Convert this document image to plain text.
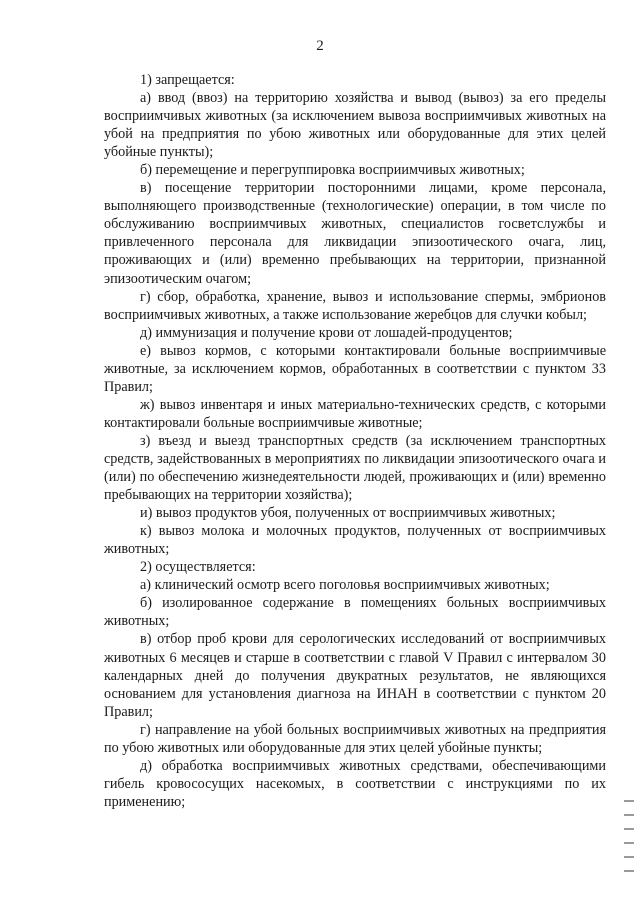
2

1) запрещается:

а) ввод (ввоз) на территорию хозяйства и вывод (вывоз) за его пределы восприимчивых животных (за исключением вывоза восприимчивых животных на убой на предприятия по убою животных или оборудованные для этих целей убойные пункты);

б) перемещение и перегруппировка восприимчивых животных;

в) посещение территории посторонними лицами, кроме персонала, выполняющего производственные (технологические) операции, в том числе по обслуживанию восприимчивых животных, специалистов госветслужбы и привлеченного персонала для ликвидации эпизоотического очага, лиц, проживающих и (или) временно пребывающих на территории, признанной эпизоотическим очагом;

г) сбор, обработка, хранение, вывоз и использование спермы, эмбрионов восприимчивых животных, а также использование жеребцов для случки кобыл;

д) иммунизация и получение крови от лошадей-продуцентов;

е) вывоз кормов, с которыми контактировали больные восприимчивые животные, за исключением кормов, обработанных в соответствии с пунктом 33 Правил;

ж) вывоз инвентаря и иных материально-технических средств, с которыми контактировали больные восприимчивые животные;

з) въезд и выезд транспортных средств (за исключением транспортных средств, задействованных в мероприятиях по ликвидации эпизоотического очага и (или) по обеспечению жизнедеятельности людей, проживающих и (или) временно пребывающих на территории хозяйства);

и) вывоз продуктов убоя, полученных от восприимчивых животных;

к) вывоз молока и молочных продуктов, полученных от восприимчивых животных;

2) осуществляется:

а) клинический осмотр всего поголовья восприимчивых животных;

б) изолированное содержание в помещениях больных восприимчивых животных;

в) отбор проб крови для серологических исследований от восприимчивых животных 6 месяцев и старше в соответствии с главой V Правил с интервалом 30 календарных дней до получения двукратных результатов, не являющихся основанием для установления диагноза на ИНАН в соответствии с пунктом 20 Правил;

г) направление на убой больных восприимчивых животных на предприятия по убою животных или оборудованные для этих целей убойные пункты;

д) обработка восприимчивых животных средствами, обеспечивающими гибель кровососущих насекомых, в соответствии с инструкциями по их применению;
